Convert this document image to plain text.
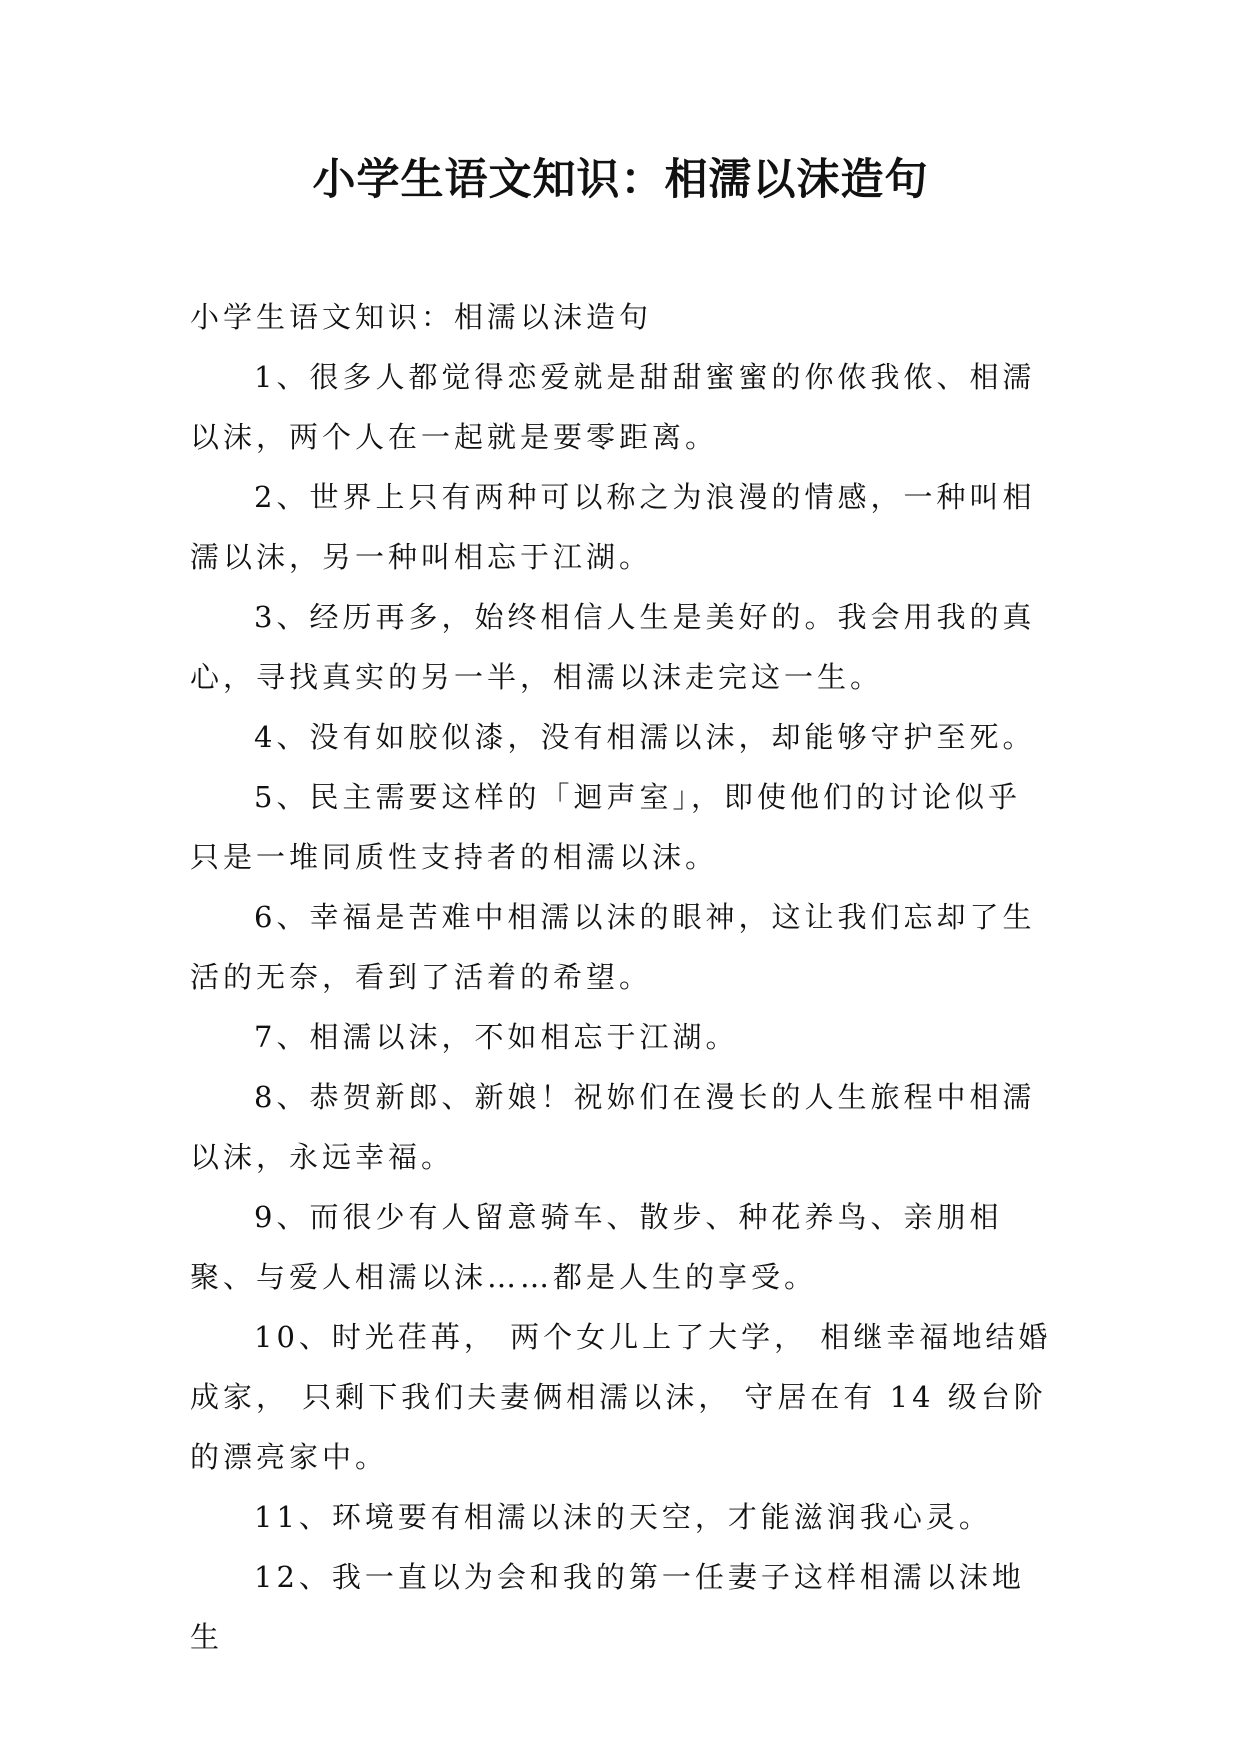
小学生语文知识：相濡以沫造句

小学生语文知识：相濡以沫造句

1、很多人都觉得恋爱就是甜甜蜜蜜的你侬我侬、相濡以沫，两个人在一起就是要零距离。

2、世界上只有两种可以称之为浪漫的情感，一种叫相濡以沫，另一种叫相忘于江湖。

3、经历再多，始终相信人生是美好的。我会用我的真心，寻找真实的另一半，相濡以沫走完这一生。

4、没有如胶似漆，没有相濡以沫，却能够守护至死。

5、民主需要这样的「迴声室」，即使他们的讨论似乎只是一堆同质性支持者的相濡以沫。

6、幸福是苦难中相濡以沫的眼神，这让我们忘却了生活的无奈，看到了活着的希望。

7、相濡以沫，不如相忘于江湖。

8、恭贺新郎、新娘！祝妳们在漫长的人生旅程中相濡以沫，永远幸福。

9、而很少有人留意骑车、散步、种花养鸟、亲朋相聚、与爱人相濡以沫……都是人生的享受。

10、时光荏苒， 两个女儿上了大学， 相继幸福地结婚成家， 只剩下我们夫妻俩相濡以沫， 守居在有 14 级台阶的漂亮家中。

11、环境要有相濡以沫的天空，才能滋润我心灵。

12、我一直以为会和我的第一任妻子这样相濡以沫地生
